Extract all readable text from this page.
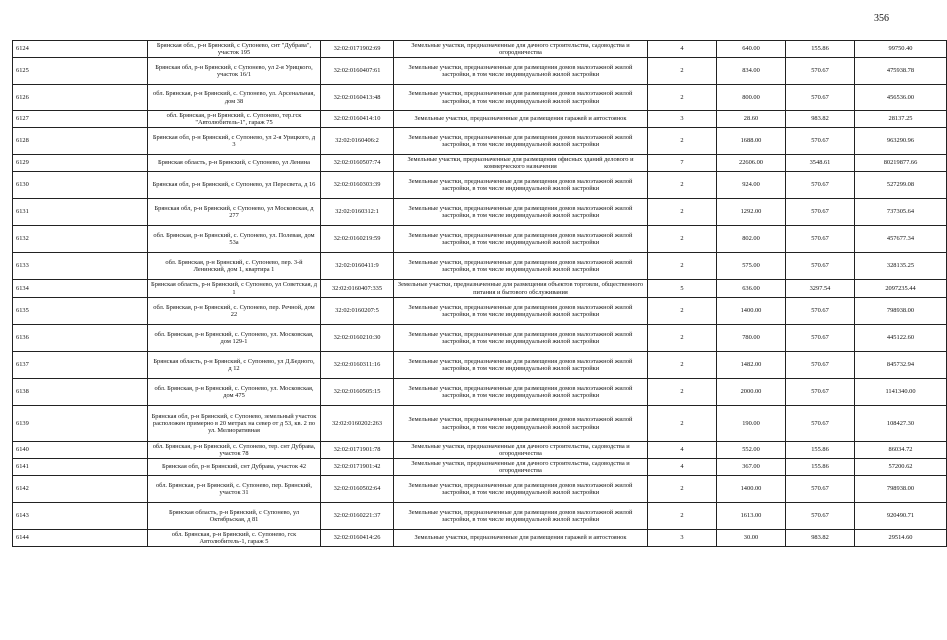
356
6124	Брянская обл., р-н Брянский, с Супонево, снт "Дубрава", участок 195	32:02:0171902:69	Земельные участки, предназначенные для дачного строительства, садоводства и огородничества	4	640.00	155.86	99750.40
6125	Брянская обл, р-н Брянский, с Супонево, ул 2-я Урицкого, участок 16/1	32:02:0160407:61	Земельные участки, предназначенные для размещения домов малоэтажной жилой застройки, в том числе индивидуальной жилой застройки	2	834.00	570.67	475938.78
6126	обл. Брянская, р-н Брянский, с. Супонево, ул. Арсенальная, дом 38	32:02:0160413:48	Земельные участки, предназначенные для размещения домов малоэтажной жилой застройки, в том числе индивидуальной жилой застройки	2	800.00	570.67	456536.00
6127	обл. Брянская, р-н Брянский, с. Супонево, тер.гск "Автолюбитель-1", гараж 75	32:02:0160414:10	Земельные участки, предназначенные для размещения гаражей и автостоянок	3	28.60	983.82	28137.25
6128	Брянская обл, р-н Брянский, с Супонево, ул 2-я Урицкого, д 3	32:02:0160406:2	Земельные участки, предназначенные для размещения домов малоэтажной жилой застройки, в том числе индивидуальной жилой застройки	2	1688.00	570.67	963290.96
6129	Брянская область, р-н Брянский, с Супонево, ул Ленина	32:02:0160507:74	Земельные участки, предназначенные для размещения офисных зданий делового и коммерческого назначения	7	22606.00	3548.61	80219877.66
6130	Брянская обл, р-н Брянский, с Супонево, ул Пересвета, д 16	32:02:0160303:39	Земельные участки, предназначенные для размещения домов малоэтажной жилой застройки, в том числе индивидуальной жилой застройки	2	924.00	570.67	527299.08
6131	Брянская обл, р-н Брянский, с Супонево, ул Московская, д 277	32:02:0160312:1	Земельные участки, предназначенные для размещения домов малоэтажной жилой застройки, в том числе индивидуальной жилой застройки	2	1292.00	570.67	737305.64
6132	обл. Брянская, р-н Брянский, с. Супонево, ул. Полевая, дом 53а	32:02:0160219:59	Земельные участки, предназначенные для размещения домов малоэтажной жилой застройки, в том числе индивидуальной жилой застройки	2	802.00	570.67	457677.34
6133	обл. Брянская, р-н Брянский, с. Супонево, пер. 3-й Ленинский, дом 1, квартира 1	32:02:0160411:9	Земельные участки, предназначенные для размещения домов малоэтажной жилой застройки, в том числе индивидуальной жилой застройки	2	575.00	570.67	328135.25
6134	Брянская область, р-н Брянский, с Супонево, ул Советская, д 1	32:02:0160407:335	Земельные участки, предназначенные для размещения объектов торговли, общественного питания и бытового обслуживания	5	636.00	3297.54	2097235.44
6135	обл. Брянская, р-н Брянский, с. Супонево, пер. Речной, дом 22	32:02:0160207:5	Земельные участки, предназначенные для размещения домов малоэтажной жилой застройки, в том числе индивидуальной жилой застройки	2	1400.00	570.67	798938.00
6136	обл. Брянская, р-н Брянский, с. Супонево, ул. Московская, дом 129-1	32:02:0160210:30	Земельные участки, предназначенные для размещения домов малоэтажной жилой застройки, в том числе индивидуальной жилой застройки	2	780.00	570.67	445122.60
6137	Брянская область, р-н Брянский, с Супонево, ул Д.Бедного, д 12	32:02:0160311:16	Земельные участки, предназначенные для размещения домов малоэтажной жилой застройки, в том числе индивидуальной жилой застройки	2	1482.00	570.67	845732.94
6138	обл. Брянская, р-н Брянский, с. Супонево, ул. Московская, дом 475	32:02:0160505:15	Земельные участки, предназначенные для размещения домов малоэтажной жилой застройки, в том числе индивидуальной жилой застройки	2	2000.00	570.67	1141340.00
6139	Брянская обл, р-н Брянский, с Супонево, земельный участок расположен примерно в 20 метрах на север от д 53, кв. 2 по ул. Мелиоративная	32:02:0160202:263	Земельные участки, предназначенные для размещения домов малоэтажной жилой застройки, в том числе индивидуальной жилой застройки	2	190.00	570.67	108427.30
6140	обл. Брянская, р-н Брянский, с. Супонево, тер. снт Дубрава, участок 78	32:02:0171901:78	Земельные участки, предназначенные для дачного строительства, садоводства и огородничества	4	552.00	155.86	86034.72
6141	Брянская обл, р-н Брянский, снт Дубрава, участок 42	32:02:0171901:42	Земельные участки, предназначенные для дачного строительства, садоводства и огородничества	4	367.00	155.86	57200.62
6142	обл. Брянская, р-н Брянский, с. Супонево, пер. Брянский, участок 31	32:02:0160502:64	Земельные участки, предназначенные для размещения домов малоэтажной жилой застройки, в том числе индивидуальной жилой застройки	2	1400.00	570.67	798938.00
6143	Брянская область, р-н Брянский, с Супонево, ул Октябрьская, д 81	32:02:0160221:37	Земельные участки, предназначенные для размещения домов малоэтажной жилой застройки, в том числе индивидуальной жилой застройки	2	1613.00	570.67	920490.71
6144	обл. Брянская, р-н Брянский, с. Супонево, гск Автолюбитель-1, гараж 5	32:02:0160414:26	Земельные участки, предназначенные для размещения гаражей и автостоянок	3	30.00	983.82	29514.60
